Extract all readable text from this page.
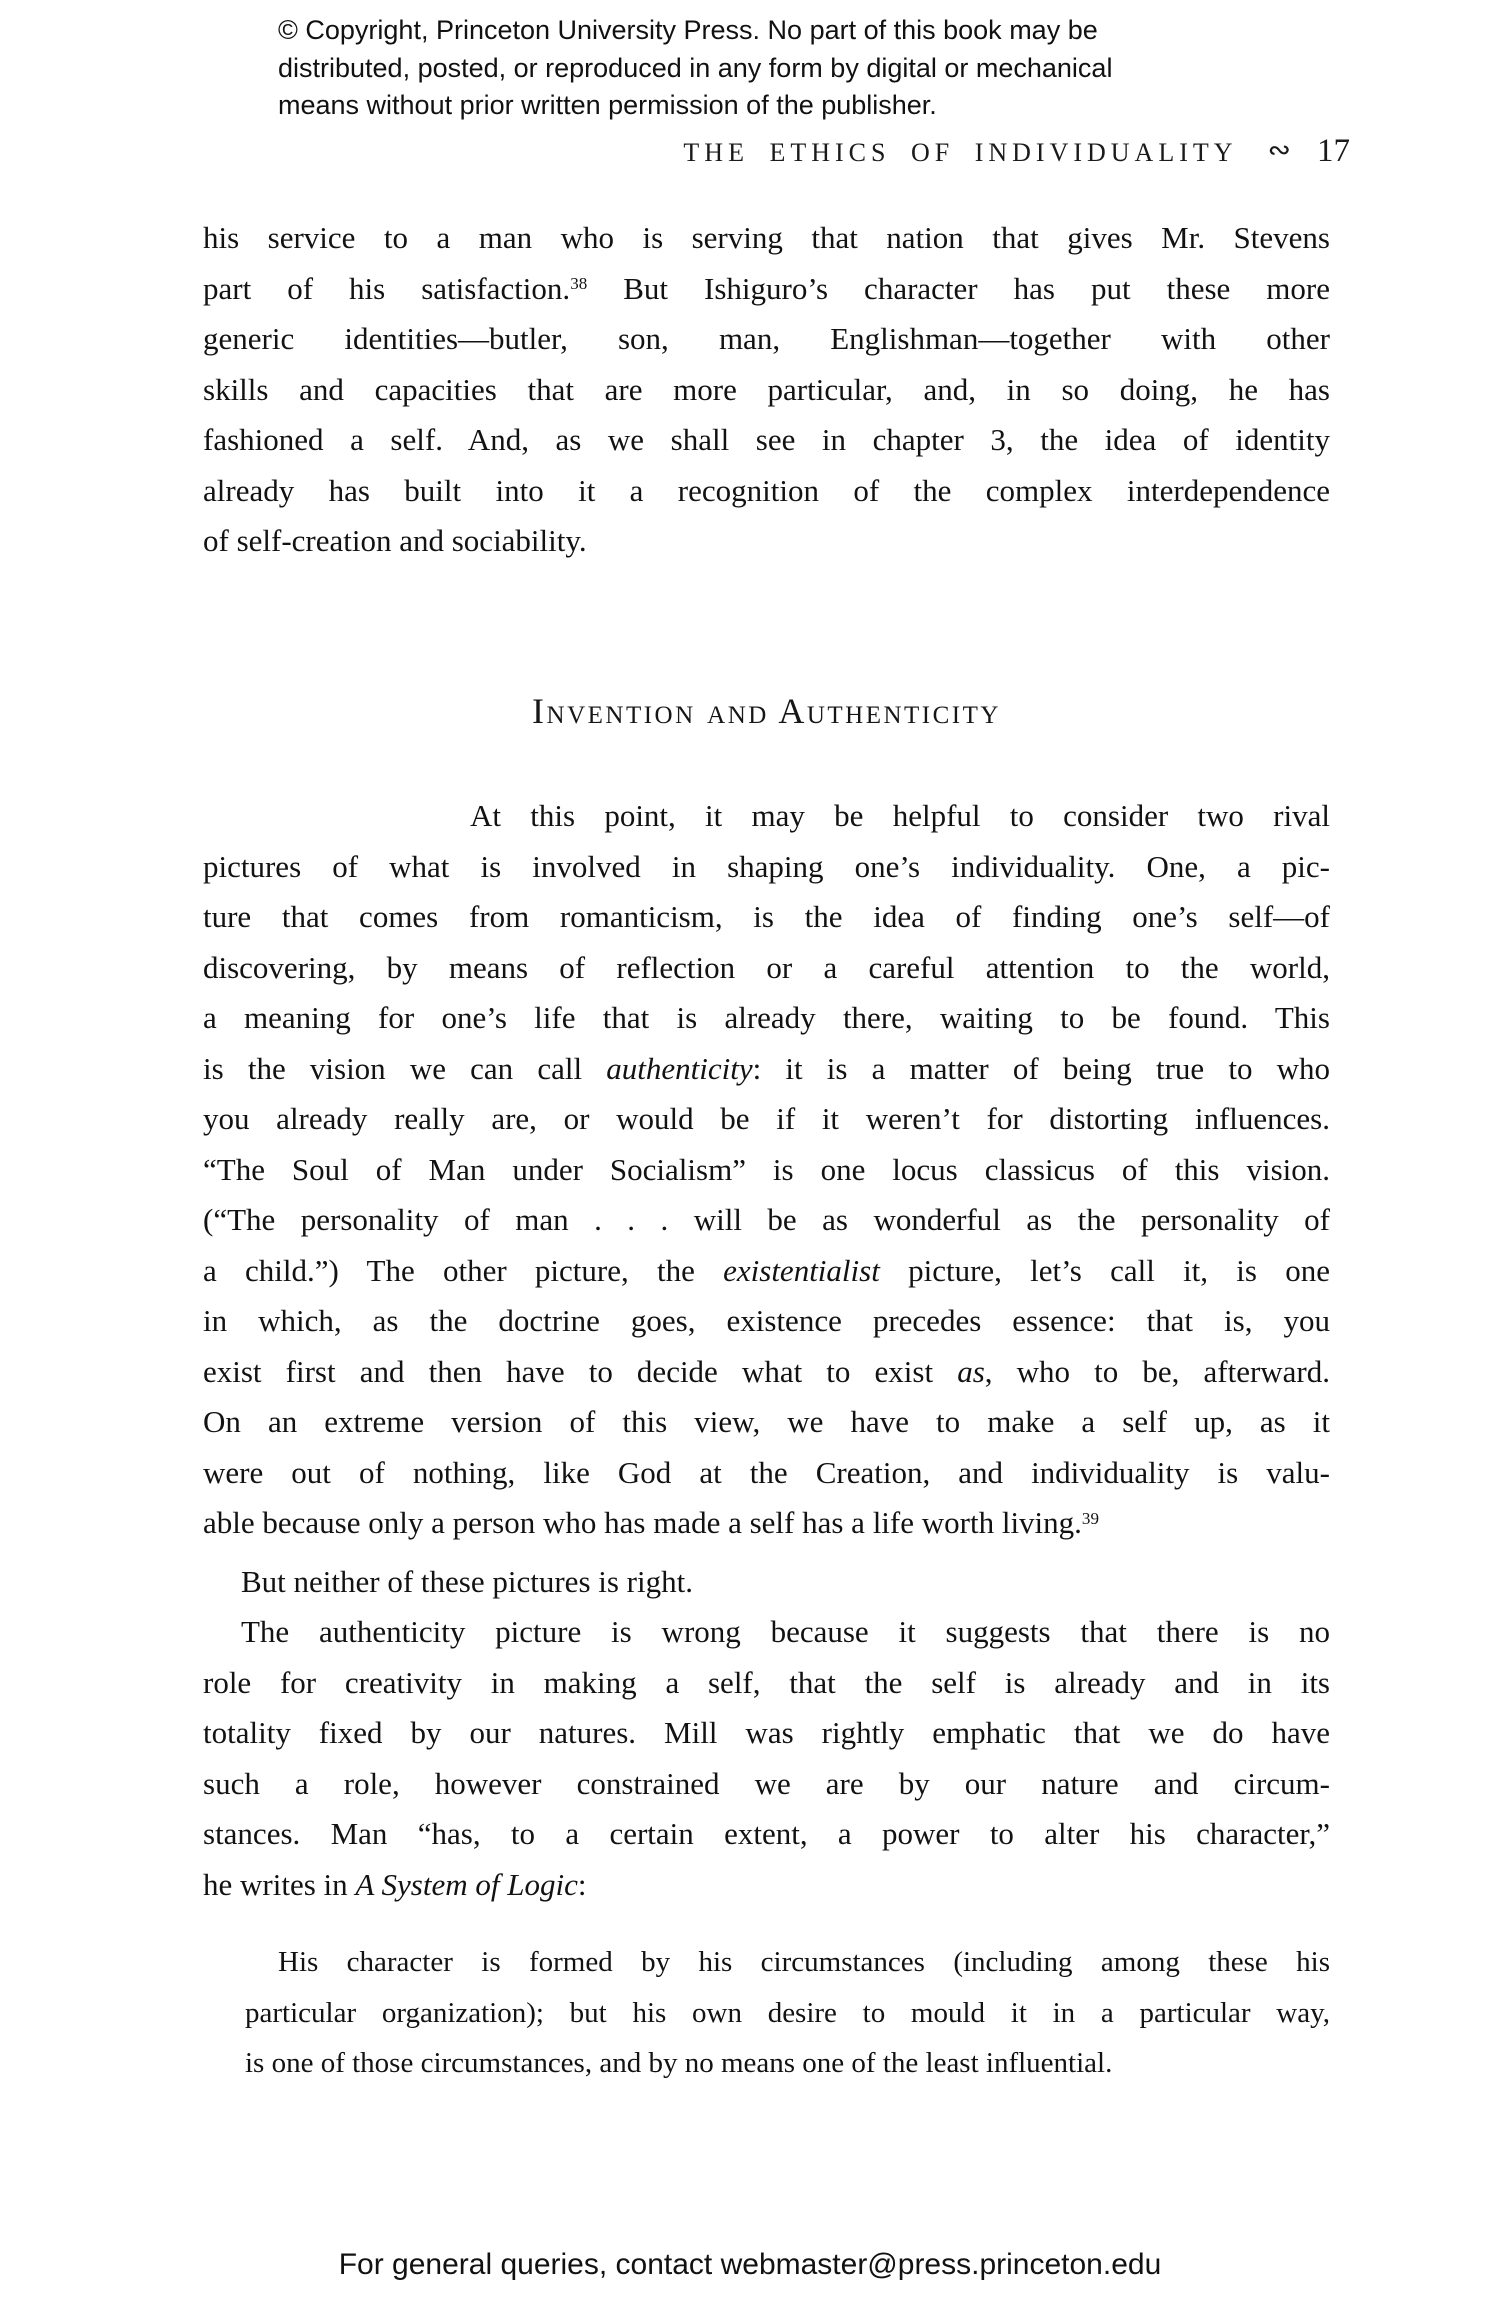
© Copyright, Princeton University Press. No part of this book may be
distributed, posted, or reproduced in any form by digital or mechanical
means without prior written permission of the publisher.
THE ETHICS OF INDIVIDUALITY ∾ 17
Invention and Authenticity
his service to a man who is serving that nation that gives Mr. Stevens
part of his satisfaction.$^{38}$ But Ishiguro’s character has put these more
generic identities—butler, son, man, Englishman—together with other
skills and capacities that are more particular, and, in so doing, he has
fashioned a self. And, as we shall see in chapter 3, the idea of identity
already has built into it a recognition of the complex interdependence
of self-creation and sociability.
At this point, it may be helpful to consider two rival
pictures of what is involved in shaping one’s individuality. One, a pic-
ture that comes from romanticism, is the idea of finding one’s self—of
discovering, by means of reflection or a careful attention to the world,
a meaning for one’s life that is already there, waiting to be found. This
is the vision we can call authenticity: it is a matter of being true to who
you already really are, or would be if it weren’t for distorting influences.
“The Soul of Man under Socialism” is one locus classicus of this vision.
(“The personality of man . . . will be as wonderful as the personality of
a child.”) The other picture, the existentialist picture, let’s call it, is one
in which, as the doctrine goes, existence precedes essence: that is, you
exist first and then have to decide what to exist as, who to be, afterward.
On an extreme version of this view, we have to make a self up, as it
were out of nothing, like God at the Creation, and individuality is valu-
able because only a person who has made a self has a life worth living.$^{39}$
But neither of these pictures is right.
The authenticity picture is wrong because it suggests that there is no
role for creativity in making a self, that the self is already and in its
totality fixed by our natures. Mill was rightly emphatic that we do have
such a role, however constrained we are by our nature and circum-
stances. Man “has, to a certain extent, a power to alter his character,”
he writes in A System of Logic:
His character is formed by his circumstances (including among these his
particular organization); but his own desire to mould it in a particular way,
is one of those circumstances, and by no means one of the least influential.
For general queries, contact webmaster@press.princeton.edu
